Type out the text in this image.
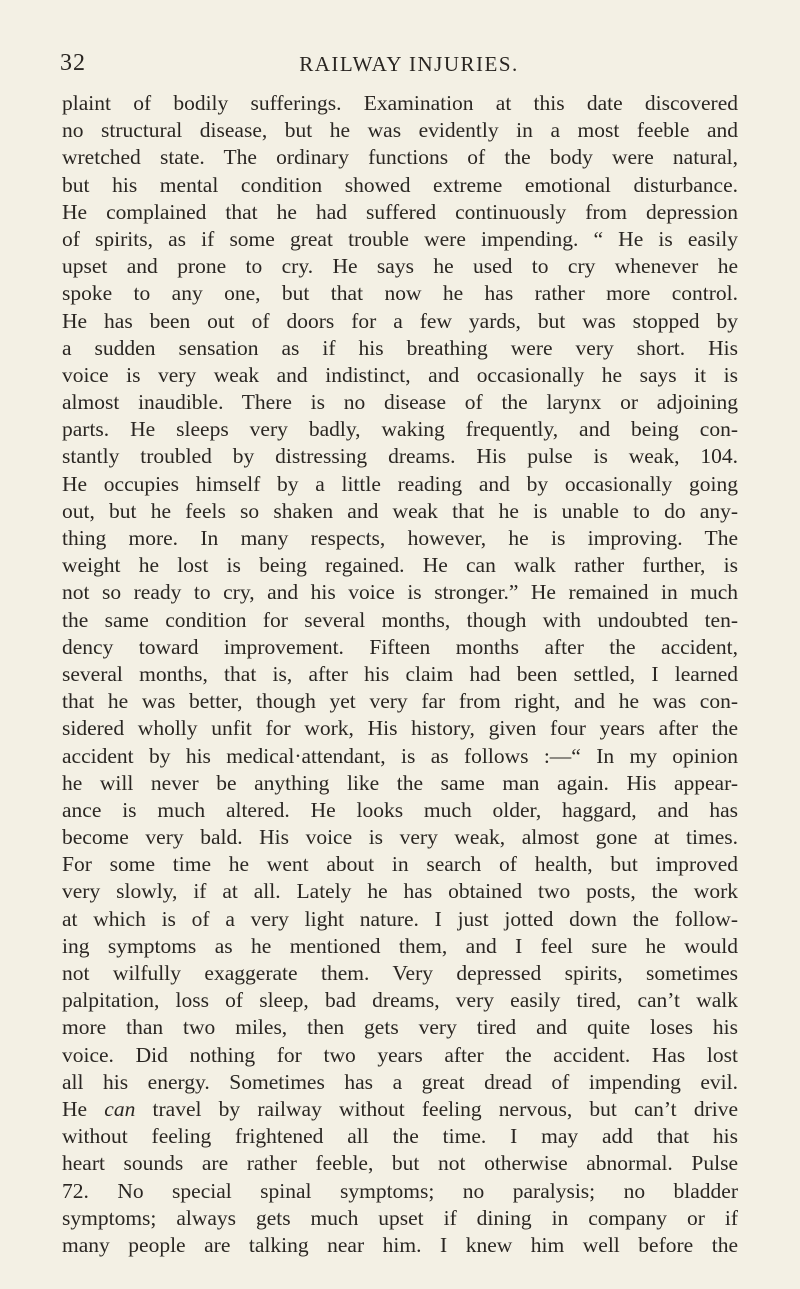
32	RAILWAY INJURIES.
plaint of bodily sufferings. Examination at this date discovered
no structural disease, but he was evidently in a most feeble and
wretched state. The ordinary functions of the body were natural,
but his mental condition showed extreme emotional disturbance.
He complained that he had suffered continuously from depression
of spirits, as if some great trouble were impending. “ He is easily
upset and prone to cry. He says he used to cry whenever he
spoke to any one, but that now he has rather more control.
He has been out of doors for a few yards, but was stopped by
a sudden sensation as if his breathing were very short. His
voice is very weak and indistinct, and occasionally he says it is
almost inaudible. There is no disease of the larynx or adjoining
parts. He sleeps very badly, waking frequently, and being con-
stantly troubled by distressing dreams. His pulse is weak, 104.
He occupies himself by a little reading and by occasionally going
out, but he feels so shaken and weak that he is unable to do any-
thing more. In many respects, however, he is improving. The
weight he lost is being regained. He can walk rather further, is
not so ready to cry, and his voice is stronger.” He remained in much
the same condition for several months, though with undoubted ten-
dency toward improvement. Fifteen months after the accident,
several months, that is, after his claim had been settled, I learned
that he was better, though yet very far from right, and he was con-
sidered wholly unfit for work, His history, given four years after the
accident by his medical·attendant, is as follows :—“ In my opinion
he will never be anything like the same man again. His appear-
ance is much altered. He looks much older, haggard, and has
become very bald. His voice is very weak, almost gone at times.
For some time he went about in search of health, but improved
very slowly, if at all. Lately he has obtained two posts, the work
at which is of a very light nature. I just jotted down the follow-
ing symptoms as he mentioned them, and I feel sure he would
not wilfully exaggerate them. Very depressed spirits, sometimes
palpitation, loss of sleep, bad dreams, very easily tired, can’t walk
more than two miles, then gets very tired and quite loses his
voice. Did nothing for two years after the accident. Has lost
all his energy. Sometimes has a great dread of impending evil.
He can travel by railway without feeling nervous, but can’t drive
without feeling frightened all the time. I may add that his
heart sounds are rather feeble, but not otherwise abnormal. Pulse
72. No special spinal symptoms; no paralysis; no bladder
symptoms; always gets much upset if dining in company or if
many people are talking near him. I knew him well before the
